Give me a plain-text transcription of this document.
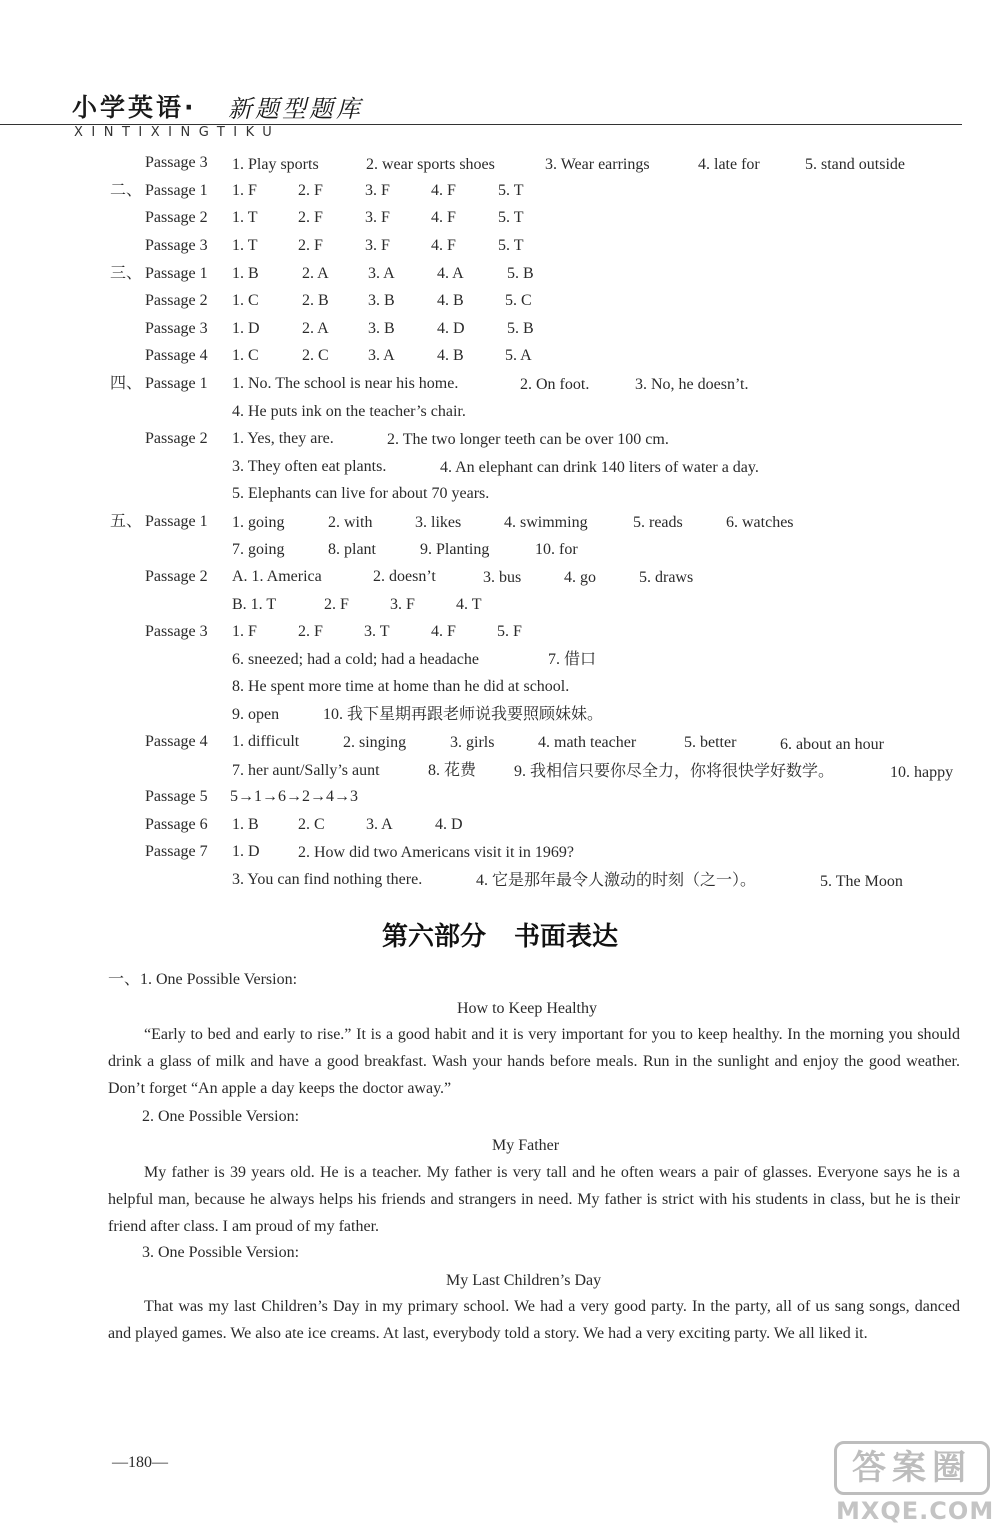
小学英语· 新题型题库
XINTIXINGTIKU
Passage 3 1. Play sports	2. wear sports shoes	3. Wear earrings	4. late for	5. stand outside
二、 Passage 1 1. F	2. F	3. F	4. F	5. T
Passage 2 1. T	2. F	3. F	4. F	5. T
Passage 3 1. T	2. F	3. F	4. F	5. T
三、 Passage 1 1. B	2. A 3. A	4. A	5. B
Passage 2 1. C	2. B 3. B	4. B	5. C
Passage 3 1. D	2. A 3. B	4. D	5. B
Passage 4 1. C	2. C 3. A	4. B	5. A
四、 Passage 1 1. No. The school is near his home.	2. On foot.	3. No, he doesn’t.
4. He puts ink on the teacher’s chair.
Passage 2 1. Yes, they are.	2. The two longer teeth can be over 100 cm.
3. They often eat plants.	4. An elephant can drink 140 liters of water a day.
5. Elephants can live for about 70 years.
五、 Passage 1 1. going	2. with	3. likes	4. swimming	5. reads	6. watches
7. going	8. plant	9. Planting	10. for
Passage 2 A. 1. America	2. doesn’t	3. bus	4. go	5. draws
B. 1. T	2. F	3. F	4. T
Passage 3 1. F	2. F	3. T	4. F	5. F
6. sneezed; had a cold; had a headache	7. 借口
8. He spent more time at home than he did at school.
9. open	10. 我下星期再跟老师说我要照顾妹妹。
Passage 4 1. difficult	2. singing	3. girls	4. math teacher	5. better	6. about an hour
7. her aunt/Sally’s aunt	8. 花费 9. 我相信只要你尽全力，你将很快学好数学。	10. happy
Passage 5 5→1→6→2→4→3
Passage 6 1. B 2. C	3. A	4. D
Passage 7 1. D 2. How did two Americans visit it in 1969?
3. You can find nothing there.	4. 它是那年最令人激动的时刻（之一）。	5. The Moon
第六部分 书面表达
一、1. One Possible Version:
How to Keep Healthy
“Early to bed and early to rise.” It is a good habit and it is very important for you to keep healthy. In the morning you should drink a glass of milk and have a good breakfast. Wash your hands before meals. Run in the sunlight and enjoy the good weather. Don’t forget “An apple a day keeps the doctor away.”
2. One Possible Version:
My Father
My father is 39 years old. He is a teacher. My father is very tall and he often wears a pair of glasses. Everyone says he is a helpful man, because he always helps his friends and strangers in need. My father is strict with his students in class, but he is their friend after class. I am proud of my father.
3. One Possible Version:
My Last Children’s Day
That was my last Children’s Day in my primary school. We had a very good party. In the party, all of us sang songs, danced and played games. We also ate ice creams. At last, everybody told a story. We had a very exciting party. We all liked it.
—180—	答案圈
MXQE.COM
